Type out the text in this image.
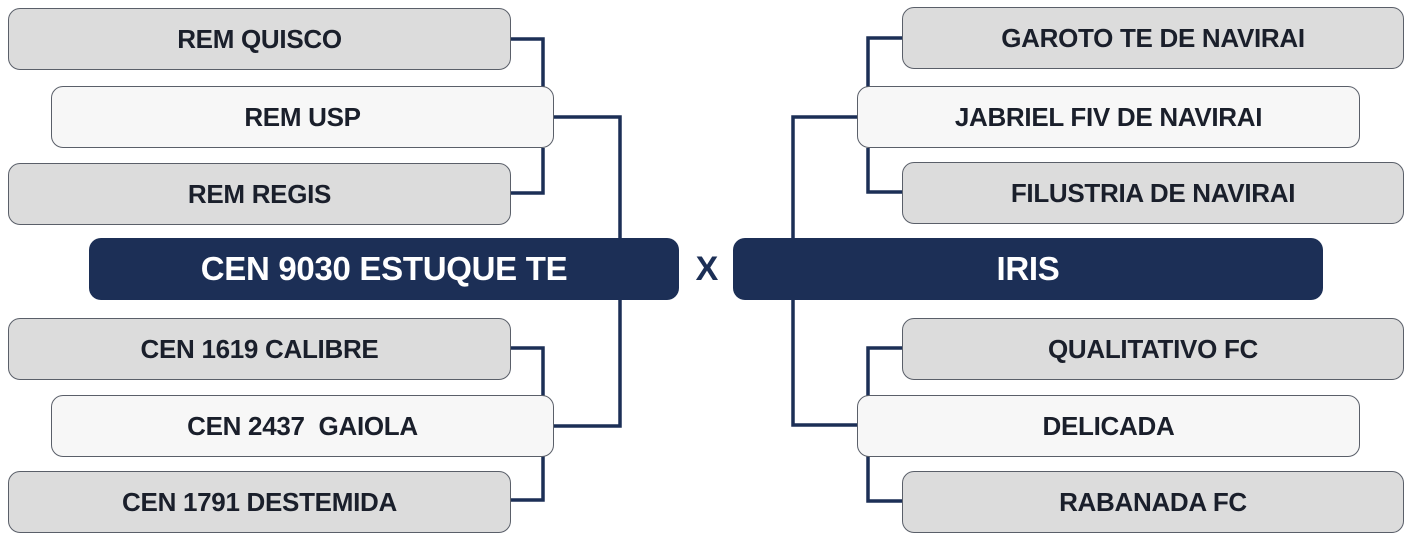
REM QUISCO
REM USP
REM REGIS
CEN 9030 ESTUQUE TE
CEN 1619 CALIBRE
CEN 2437  GAIOLA
CEN 1791 DESTEMIDA
X
GAROTO TE DE NAVIRAI
JABRIEL FIV DE NAVIRAI
FILUSTRIA DE NAVIRAI
IRIS
QUALITATIVO FC
DELICADA
RABANADA FC
